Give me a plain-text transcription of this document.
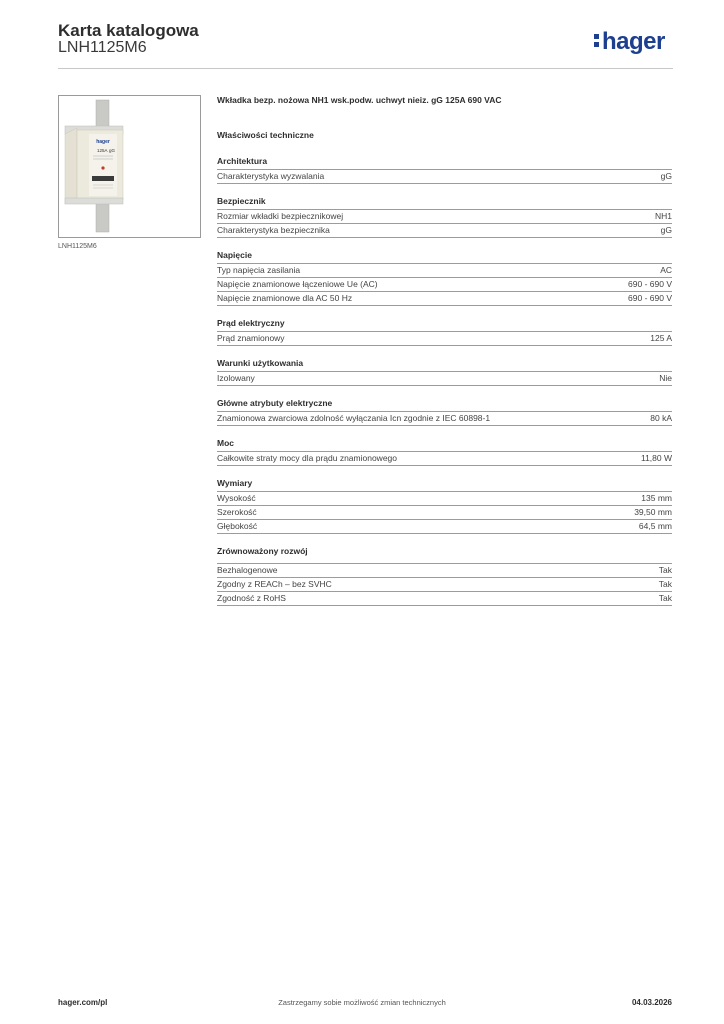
Karta katalogowa
LNH1125M6	hager
hager
125A gG
LNH1125M6
Wkładka bezp. nożowa NH1 wsk.podw. uchwyt nieiz. gG 125A 690 VAC
Właściwości techniczne
Architektura
Charakterystyka wyzwalania	gG
Bezpiecznik
Rozmiar wkładki bezpiecznikowej	NH1
Charakterystyka bezpiecznika	gG
Napięcie
Typ napięcia zasilania	AC
Napięcie znamionowe łączeniowe Ue (AC)	690 - 690 V
Napięcie znamionowe dla AC 50 Hz	690 - 690 V
Prąd elektryczny
Prąd znamionowy	125 A
Warunki użytkowania
Izolowany	Nie
Główne atrybuty elektryczne
Znamionowa zwarciowa zdolność wyłączania Icn zgodnie z IEC 60898-1	80 kA
Moc
Całkowite straty mocy dla prądu znamionowego	11,80 W
Wymiary
Wysokość	135 mm
Szerokość	39,50 mm
Głębokość	64,5 mm
Zrównoważony rozwój
Bezhalogenowe	Tak
Zgodny z REACh – bez SVHC	Tak
Zgodność z RoHS	Tak
hager.com/pl	Zastrzegamy sobie możliwość zmian technicznych	04.03.2026
